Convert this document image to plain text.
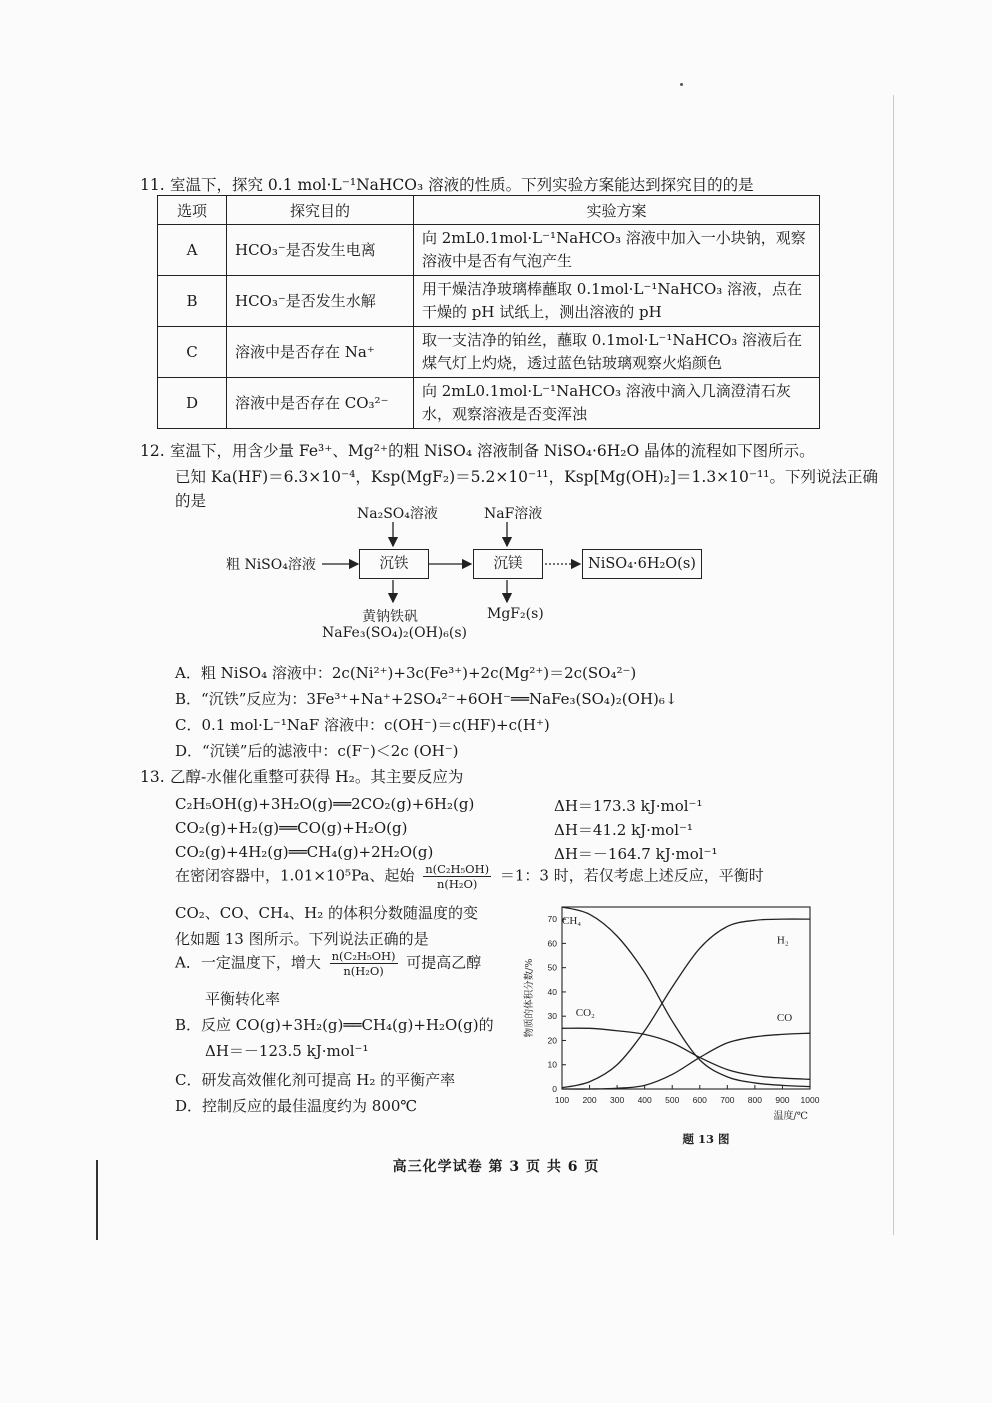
11. 室温下，探究 0.1 mol·L⁻¹NaHCO₃ 溶液的性质。下列实验方案能达到探究目的的是
选项	探究目的	实验方案
A	HCO₃⁻是否发生电离	向 2mL0.1mol·L⁻¹NaHCO₃ 溶液中加入一小块钠，观察溶液中是否有气泡产生
B	HCO₃⁻是否发生水解	用干燥洁净玻璃棒蘸取 0.1mol·L⁻¹NaHCO₃ 溶液，点在干燥的 pH 试纸上，测出溶液的 pH
C	溶液中是否存在 Na⁺	取一支洁净的铂丝，蘸取 0.1mol·L⁻¹NaHCO₃ 溶液后在煤气灯上灼烧，透过蓝色钴玻璃观察火焰颜色
D	溶液中是否存在 CO₃²⁻	向 2mL0.1mol·L⁻¹NaHCO₃ 溶液中滴入几滴澄清石灰水，观察溶液是否变浑浊
12. 室温下，用含少量 Fe³⁺、Mg²⁺的粗 NiSO₄ 溶液制备 NiSO₄·6H₂O 晶体的流程如下图所示。
已知 Ka(HF)＝6.3×10⁻⁴，Ksp(MgF₂)＝5.2×10⁻¹¹，Ksp[Mg(OH)₂]＝1.3×10⁻¹¹。下列说法正确
的是
粗 NiSO₄溶液
Na₂SO₄溶液	NaF溶液
沉铁	沉镁	NiSO₄·6H₂O(s)
黄钠铁矾
NaFe₃(SO₄)₂(OH)₆(s)
MgF₂(s)
A．粗 NiSO₄ 溶液中：2c(Ni²⁺)+3c(Fe³⁺)+2c(Mg²⁺)＝2c(SO₄²⁻)
B．“沉铁”反应为：3Fe³⁺+Na⁺+2SO₄²⁻+6OH⁻══NaFe₃(SO₄)₂(OH)₆↓
C．0.1 mol·L⁻¹NaF 溶液中：c(OH⁻)＝c(HF)+c(H⁺)
D．“沉镁”后的滤液中：c(F⁻)＜2c (OH⁻)
13. 乙醇-水催化重整可获得 H₂。其主要反应为
C₂H₅OH(g)+3H₂O(g)══2CO₂(g)+6H₂(g)	ΔH＝173.3 kJ·mol⁻¹
CO₂(g)+H₂(g)══CO(g)+H₂O(g)	ΔH＝41.2 kJ·mol⁻¹
CO₂(g)+4H₂(g)══CH₄(g)+2H₂O(g)	ΔH＝－164.7 kJ·mol⁻¹
在密闭容器中，1.01×10⁵Pa、起始 $\frac{\text{n(C₂H₅OH)}}{\text{n(H₂O)}} =1$：3 时，若仅考虑上述反应，平衡时
CO₂、CO、CH₄、H₂ 的体积分数随温度的变
化如题 13 图所示。下列说法正确的是
A．一定温度下，增大 $\frac{\text{n(C₂H₅OH)}}{\text{n(H₂O)}}$ 可提高乙醇
平衡转化率
B．反应 CO(g)+3H₂(g)══CH₄(g)+H₂O(g)的
ΔH＝－123.5 kJ·mol⁻¹
C．研发高效催化剂可提高 H₂ 的平衡产率
D．控制反应的最佳温度约为 800℃	100 200 300 400 500 600 700 800 900 1000
0
10
20
30
40
50
60
70 CH₄
H₂
CO₂	CO
物质的体积分数/%
温度/℃
题 13 图
高三化学试卷 第 3 页 共 6 页
